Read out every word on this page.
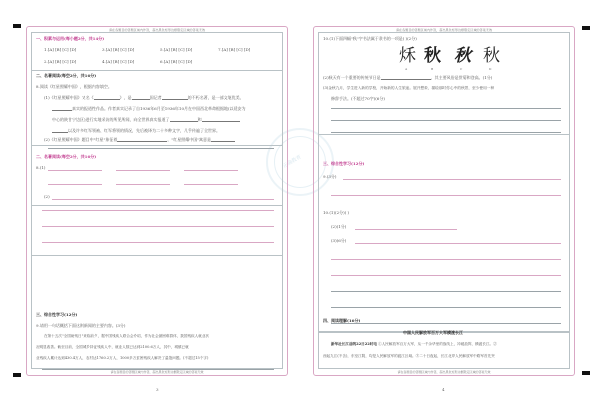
正确教育
请在各题目的答题区域内作答，超出黑色矩形边框限定区域的答案无效
一、积累与运用(每小题2分，共14分)
1.[A] [B] [C] [D]	3.[A] [B] [C] [D]	5.[A] [B] [C] [D]	7.[A] [B] [C] [D]
2.[A] [B] [C] [D]	4.[A] [B] [C] [D]	6.[A] [B] [C] [D]
二、名著阅读(每空2分，共16分)
8.阅读《红星照耀中国》，根据内容填空。
(1)《红星照耀中国》又名《	》，是	国记者	的不朽名著，是一部文笔优美、
真实的报道性作品。作者真实记录了自1936年6月至1936年10月在中国西北革命根据地(以延安为
中心的陕甘宁边区)进行实地采访的所见所闻，向全世界真实报道了	和
以及许多红军领袖、红军将领的情况，先后被译为二十多种文字，几乎传遍了全世界。
(2)《红星照耀中国》题目中"红星"象征着	，"红星照耀中国"寓意是
二、名著阅读(每空2分，共16分)
8.(1)
(2)
三、综合性学习(12分)
9.请用一句话概括下面这则新闻的主要内容。(3分)
在第十五次"全国助残日"来临前夕，据中国残疾人联合会介绍，作为社会最困难群体，我国残疾人就业状
况明显改善。截至目前，全国城乡持证残疾人中，就业人数已达到2100.6万人，其中，城镇已就
业残疾人累计达到430.4万人，农村达1760.2万人，1000多万贫困残疾人解决了温饱问题。(不超过15个字)
请在各题目的答题区域内作答，超出黑色矩形边框限定区域的答案无效
3
请在各题目的答题区域内作答，超出黑色矩形边框限定区域的答案无效
10.(1)下面四幅"秋"字书法属于隶书的一项是( )(2分)
秌 秋 秋 秋
A	B	C	D
(2)秋天有一个重要的传统节日是	，其主要风俗是赏菊和登高。(1分)
(3)金秋九月，学生进入新的学校，开始新的人生旅途。展开想象，描绘那时你心中的秋景，至少使用一种
修辞手法。(不超过70字)(6分)
三、综合性学习(12分)
9.(3分)
10.(1)(2分)( )
(2)(1分)
(3)(6分)
四、阅读理解(16分)
中国人民解放军百万大军横渡长江
新华社长江前线22日22时电 ①人民解放军百万大军，从一千余华里的战线上，冲破敌阵，横渡长江。②
西起九江(不含)，东至江阴，均是人民解放军的渡江区域。③二十日夜起，长江北岸人民解放军中路军首先突
请在各题目的答题区域内作答，超出黑色矩形边框限定区域的答案无效
4
